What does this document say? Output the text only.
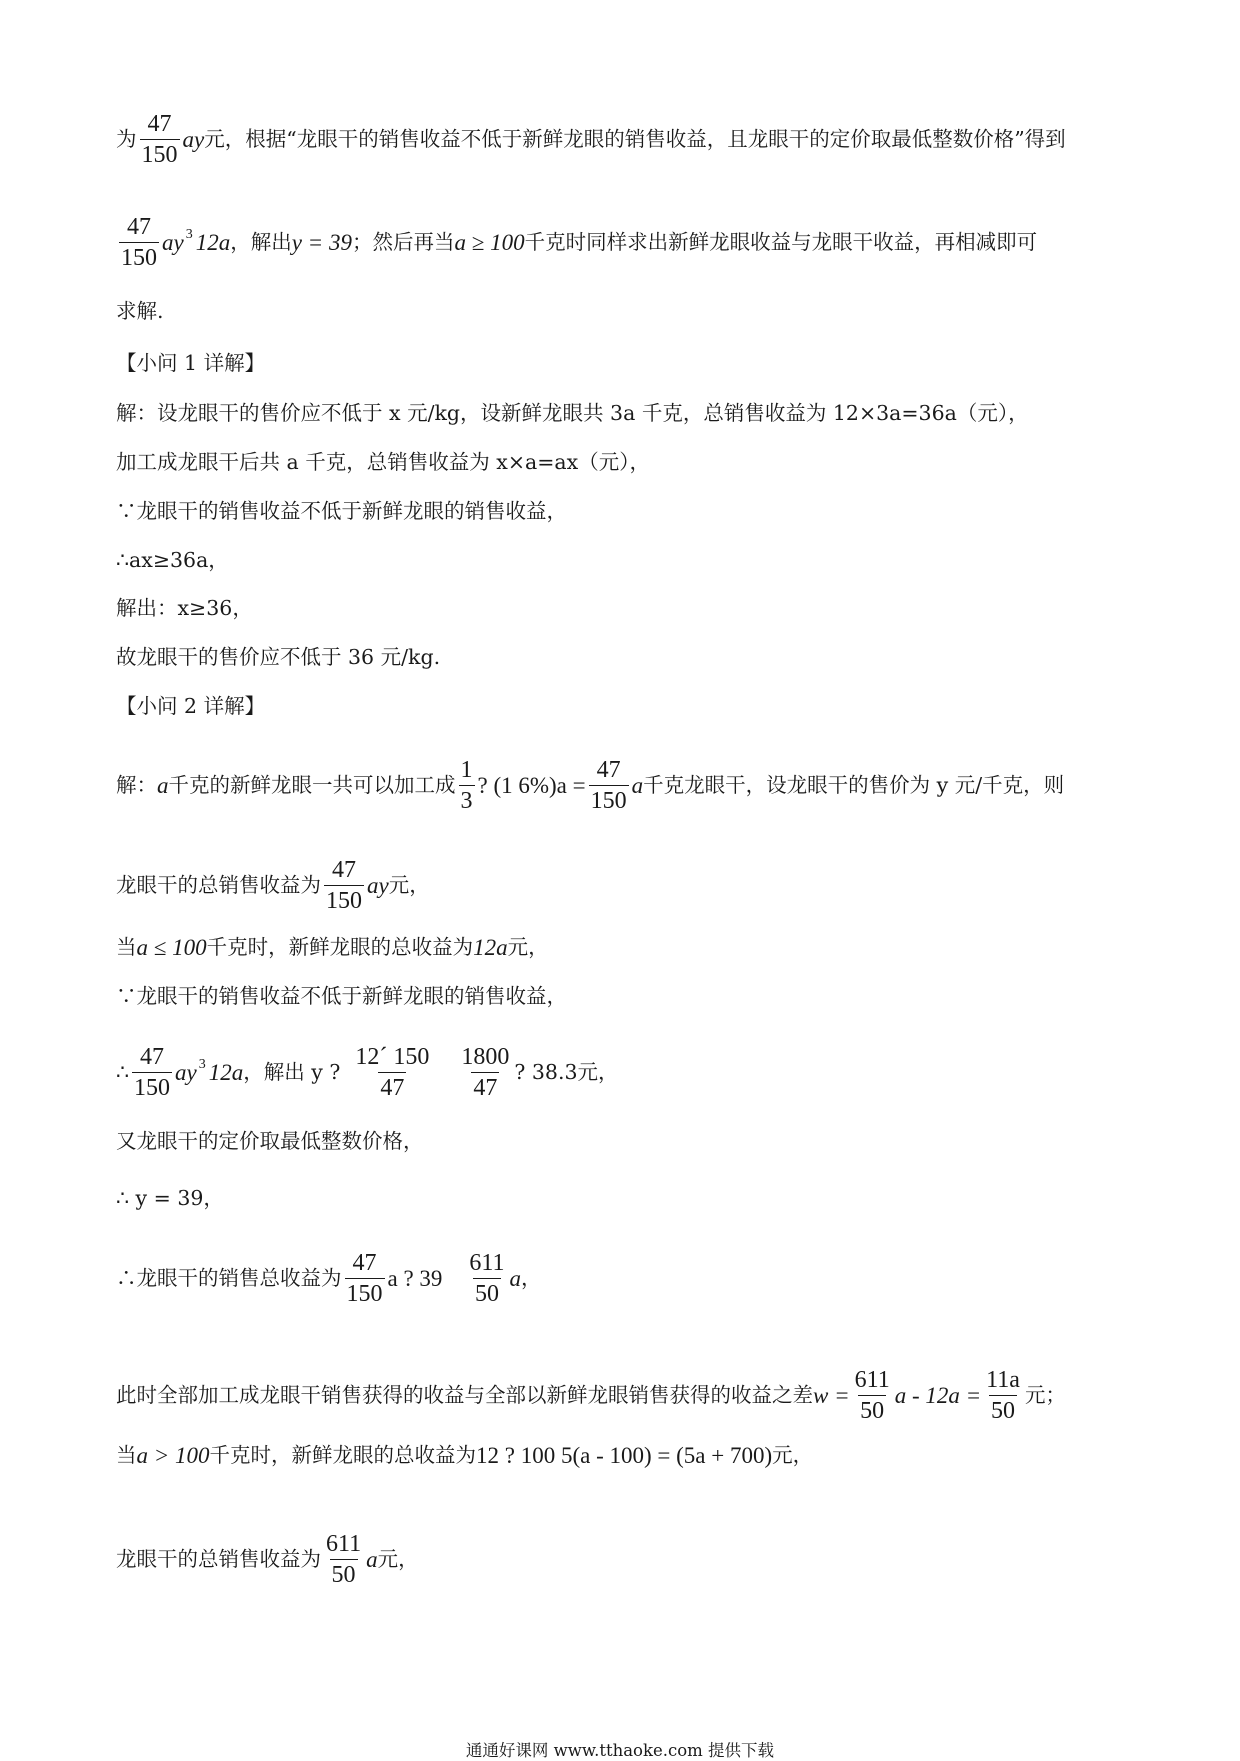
为 $\frac{47}{150}$ ay 元，根据“龙眼干的销售收益不低于新鲜龙眼的销售收益，且龙眼干的定价取最低整数价格”得到
$\frac{47}{150}$ ay 3 12a ，解出 y = 39 ；然后再当 a ≥ 100 千克时同样求出新鲜龙眼收益与龙眼干收益，再相减即可
求解.
【小问 1 详解】
解：设龙眼干的售价应不低于 x 元/kg，设新鲜龙眼共 3a 千克，总销售收益为 12×3a=36a（元），
加工成龙眼干后共 a 千克，总销售收益为 x×a=ax（元），
∵龙眼干的销售收益不低于新鲜龙眼的销售收益，
∴ax≥36a，
解出：x≥36，
故龙眼干的售价应不低于 36 元/kg.
【小问 2 详解】
解： a 千克的新鲜龙眼一共可以加工成 $\frac{1}{3}$ ? (1 $6\%)a = \frac{47}{150}$ a 千克龙眼干，设龙眼干的售价为 y 元/千克，则
龙眼干的总销售收益为 $\frac{47}{150}$ ay 元，
当 a ≤ 100 千克时，新鲜龙眼的总收益为 12a 元，
∵龙眼干的销售收益不低于新鲜龙眼的销售收益，
∴ $\frac{47}{150}$ ay 3 12a ，解出 y ? $\frac{12´ 150}{47} \frac{1800}{47}$ ? 38.3元，
又龙眼干的定价取最低整数价格，
∴ y = 39，
∴龙眼干的销售总收益为 $\frac{47}{150}$ a ? $39 \frac{611}{50}$ a ，
此时全部加工成龙眼干销售获得的收益与全部以新鲜龙眼销售获得的收益之差 $w = \frac{611}{50}$ $a - 12a = \frac{11a}{50}$ 元；
当 a > 100 千克时，新鲜龙眼的总收益为 12 ? 100 5(a - 100) = (5a + 700) 元，
龙眼干的总销售收益为 $\frac{611}{50}$ a 元，
通通好课网 www.tthaoke.com 提供下载
